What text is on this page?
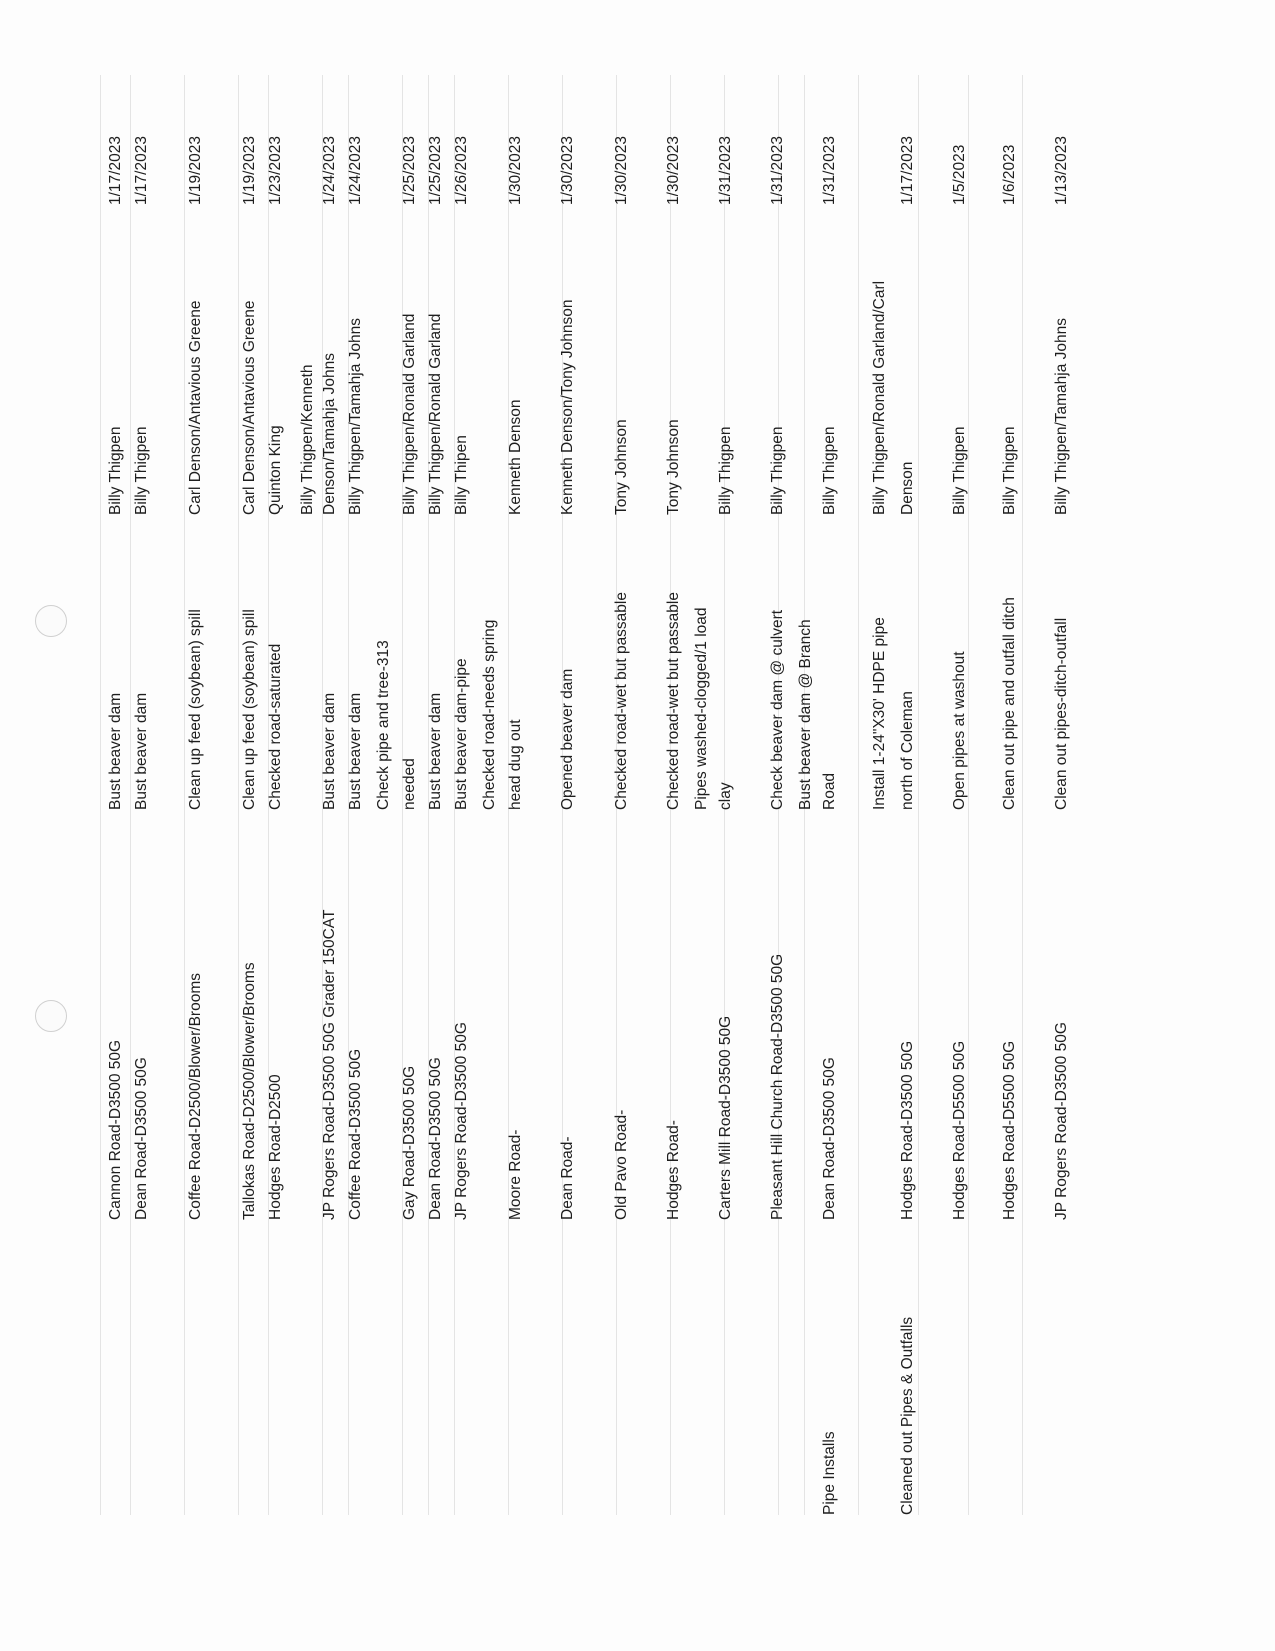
Cannon Road-D3500 50G
Bust beaver dam
Billy Thigpen
1/17/2023
Dean Road-D3500 50G
Bust beaver dam
Billy Thigpen
1/17/2023
Coffee Road-D2500/Blower/Brooms
Clean up feed (soybean) spill
Carl Denson/Antavious Greene
1/19/2023
Tallokas Road-D2500/Blower/Brooms
Clean up feed (soybean) spill
Carl Denson/Antavious Greene
1/19/2023
Hodges Road-D2500
Checked road-saturated
Quinton King
1/23/2023
JP Rogers Road-D3500 50G Grader 150CAT
Bust beaver dam
Billy Thigpen/Kenneth Denson/Tamahja Johns
1/24/2023
Coffee Road-D3500 50G
Bust beaver dam
Billy Thigpen/Tamahja Johns
1/24/2023
Gay Road-D3500 50G
Check pipe and tree-313 needed
Billy Thigpen/Ronald Garland
1/25/2023
Dean Road-D3500 50G
Bust beaver dam
Billy Thigpen/Ronald Garland
1/25/2023
JP Rogers Road-D3500 50G
Bust beaver dam-pipe
Billy Thipen
1/26/2023
Moore Road-
Checked road-needs spring head dug out
Kenneth Denson
1/30/2023
Dean Road-
Opened beaver dam
Kenneth Denson/Tony Johnson
1/30/2023
Old Pavo Road-
Checked road-wet but passable
Tony Johnson
1/30/2023
Hodges Road-
Checked road-wet but passable
Tony Johnson
1/30/2023
Carters Mill Road-D3500 50G
Pipes washed-clogged/1 load clay
Billy Thigpen
1/31/2023
Pleasant Hill Church Road-D3500 50G
Check beaver dam @ culvert
Billy Thigpen
1/31/2023
Dean Road-D3500 50G
Bust beaver dam @ Branch Road
Billy Thigpen
1/31/2023
Pipe Installs
Hodges Road-D3500 50G
Install 1-24"X30' HDPE pipe north of Coleman
Billy Thigpen/Ronald Garland/Carl Denson
1/17/2023
Cleaned out Pipes & Outfalls
Hodges Road-D5500 50G
Open pipes at washout
Billy Thigpen
1/5/2023
Hodges Road-D5500 50G
Clean out pipe and outfall ditch
Billy Thigpen
1/6/2023
JP Rogers Road-D3500 50G
Clean out pipes-ditch-outfall
Billy Thigpen/Tamahja Johns
1/13/2023
